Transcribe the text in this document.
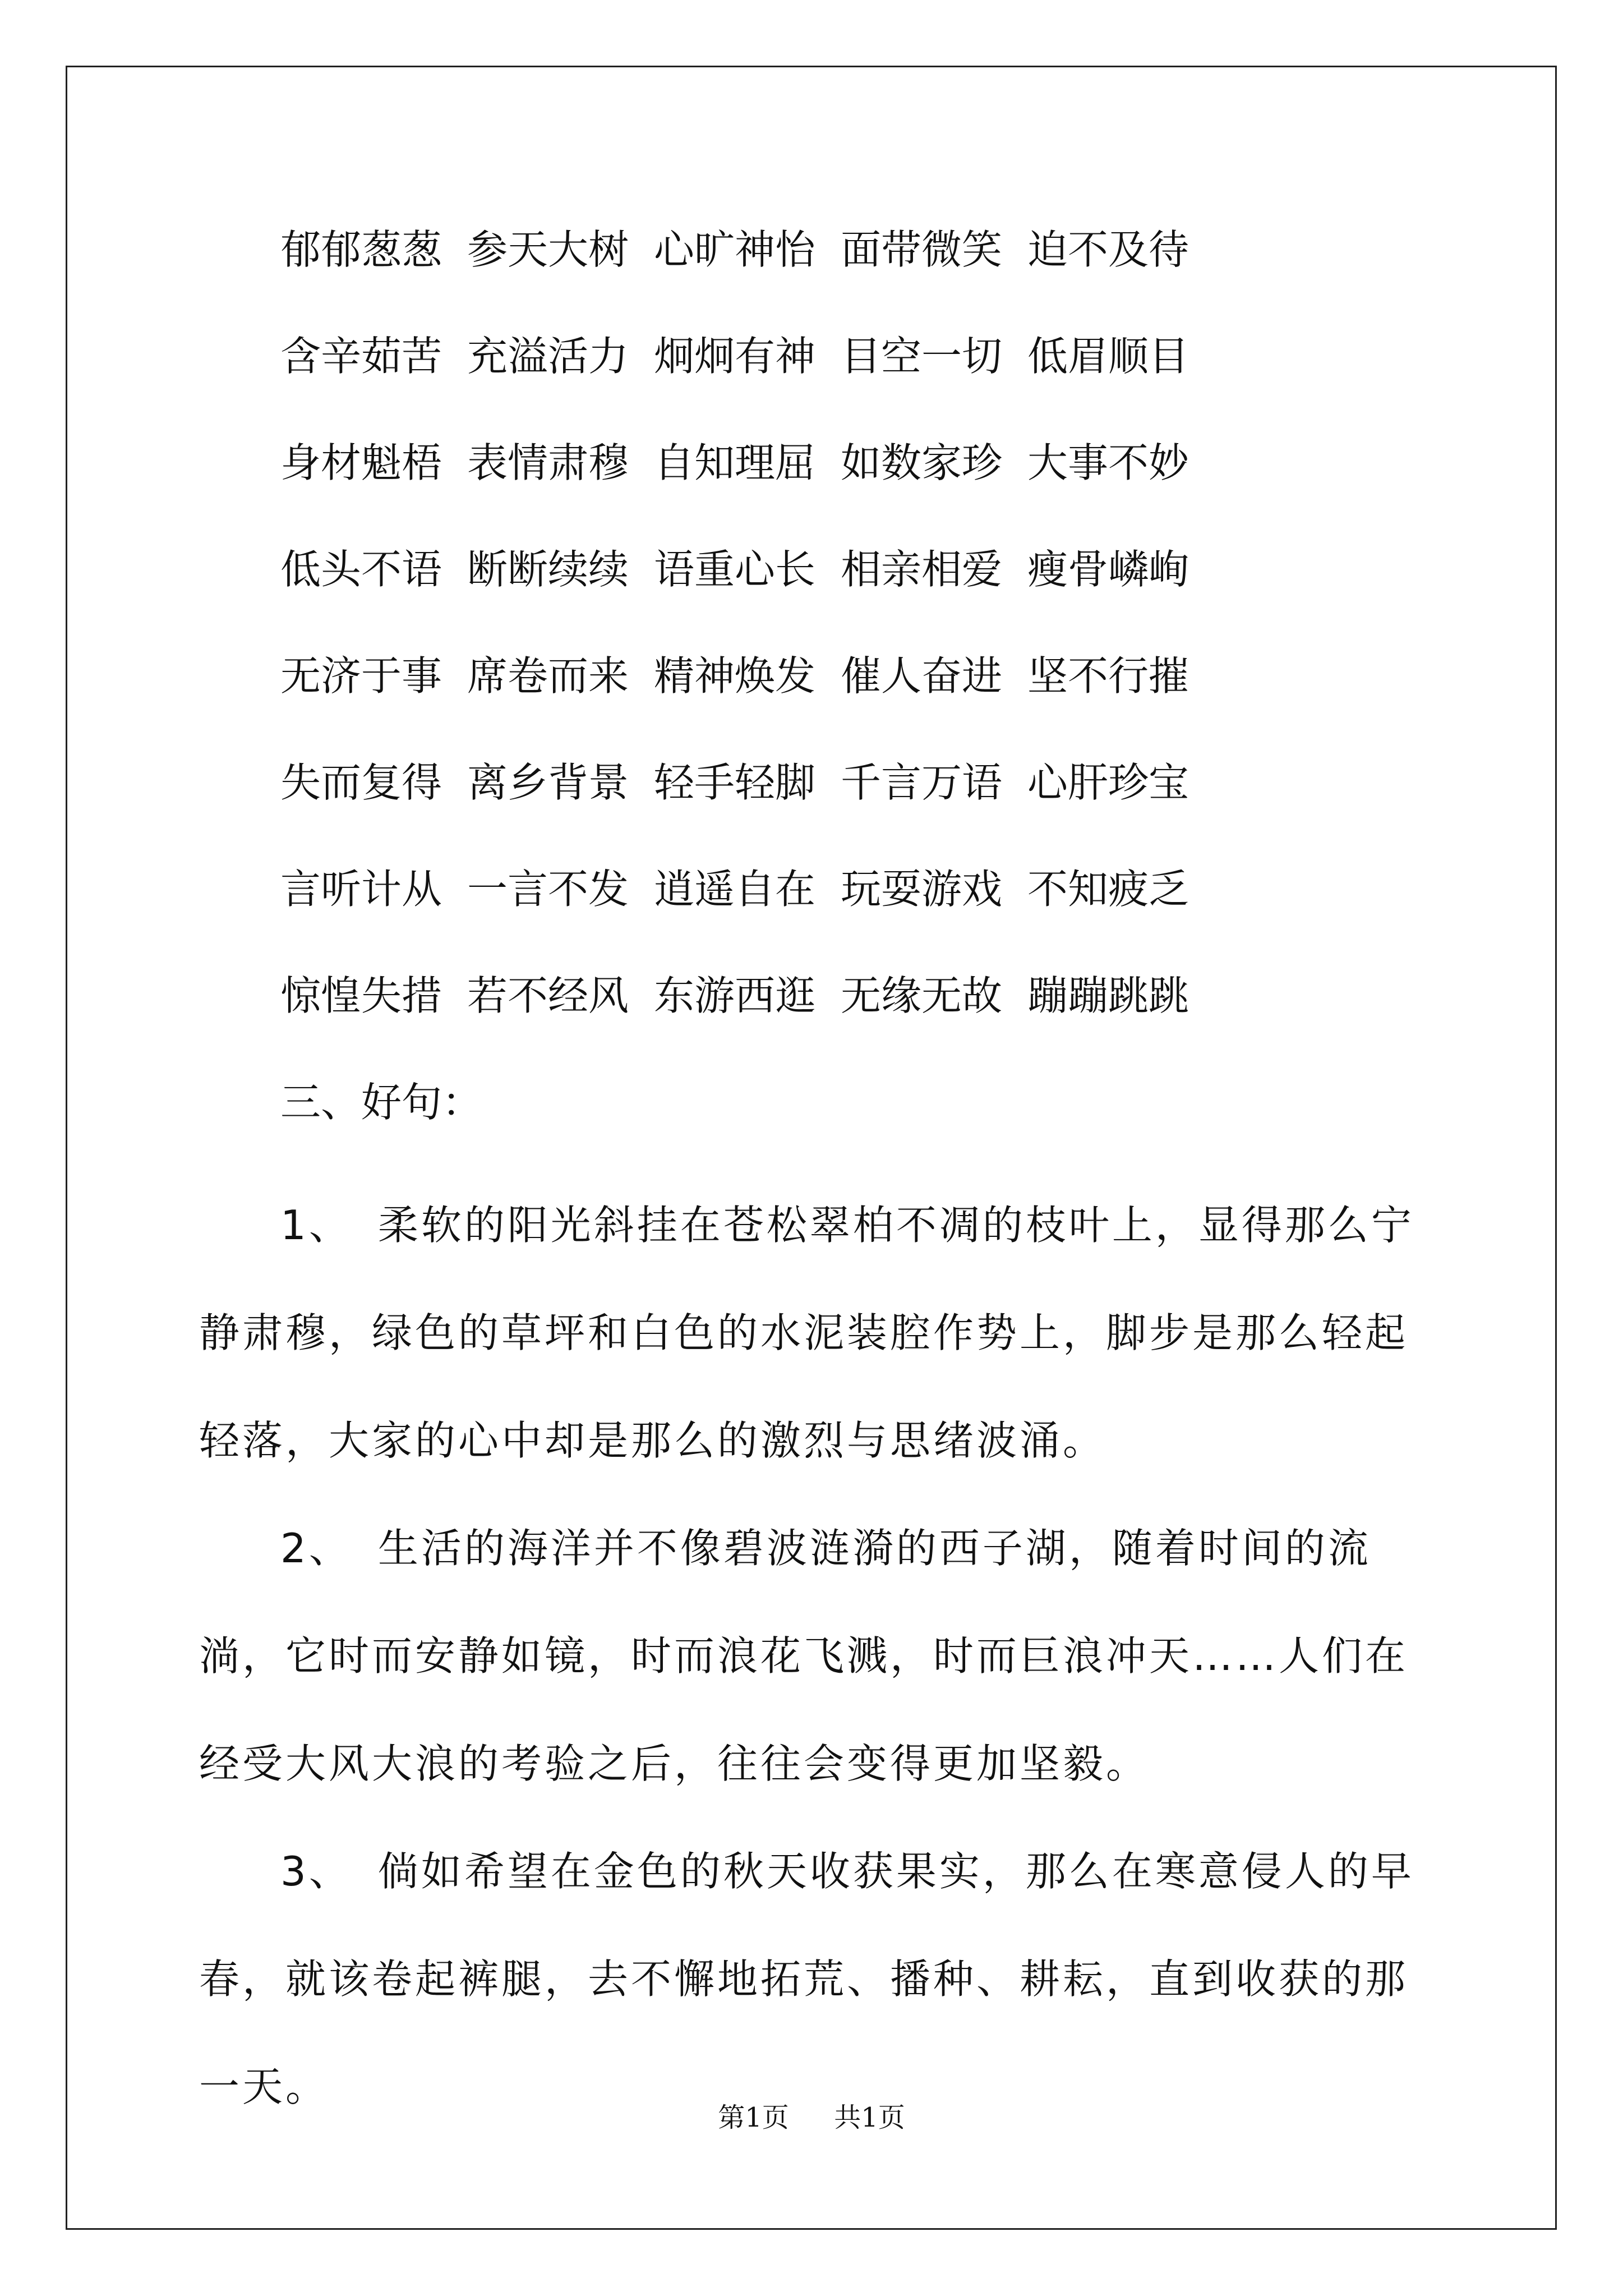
郁郁葱葱 参天大树 心旷神怡 面带微笑 迫不及待
含辛茹苦 充溢活力 炯炯有神 目空一切 低眉顺目
身材魁梧 表情肃穆 自知理屈 如数家珍 大事不妙
低头不语 断断续续 语重心长 相亲相爱 瘦骨嶙峋
无济于事 席卷而来 精神焕发 催人奋进 坚不行摧
失而复得 离乡背景 轻手轻脚 千言万语 心肝珍宝
言听计从 一言不发 逍遥自在 玩耍游戏 不知疲乏
惊惶失措 若不经风 东游西逛 无缘无故 蹦蹦跳跳
三、好句：
1、 柔软的阳光斜挂在苍松翠柏不凋的枝叶上，显得那么宁静肃穆，绿色的草坪和白色的水泥装腔作势上，脚步是那么轻起轻落，大家的心中却是那么的激烈与思绪波涌。
2、 生活的海洋并不像碧波涟漪的西子湖，随着时间的流淌，它时而安静如镜，时而浪花飞溅，时而巨浪冲天……人们在经受大风大浪的考验之后，往往会变得更加坚毅。
3、 倘如希望在金色的秋天收获果实，那么在寒意侵人的早春，就该卷起裤腿，去不懈地拓荒、播种、耕耘，直到收获的那一天。
第1页 共1页
